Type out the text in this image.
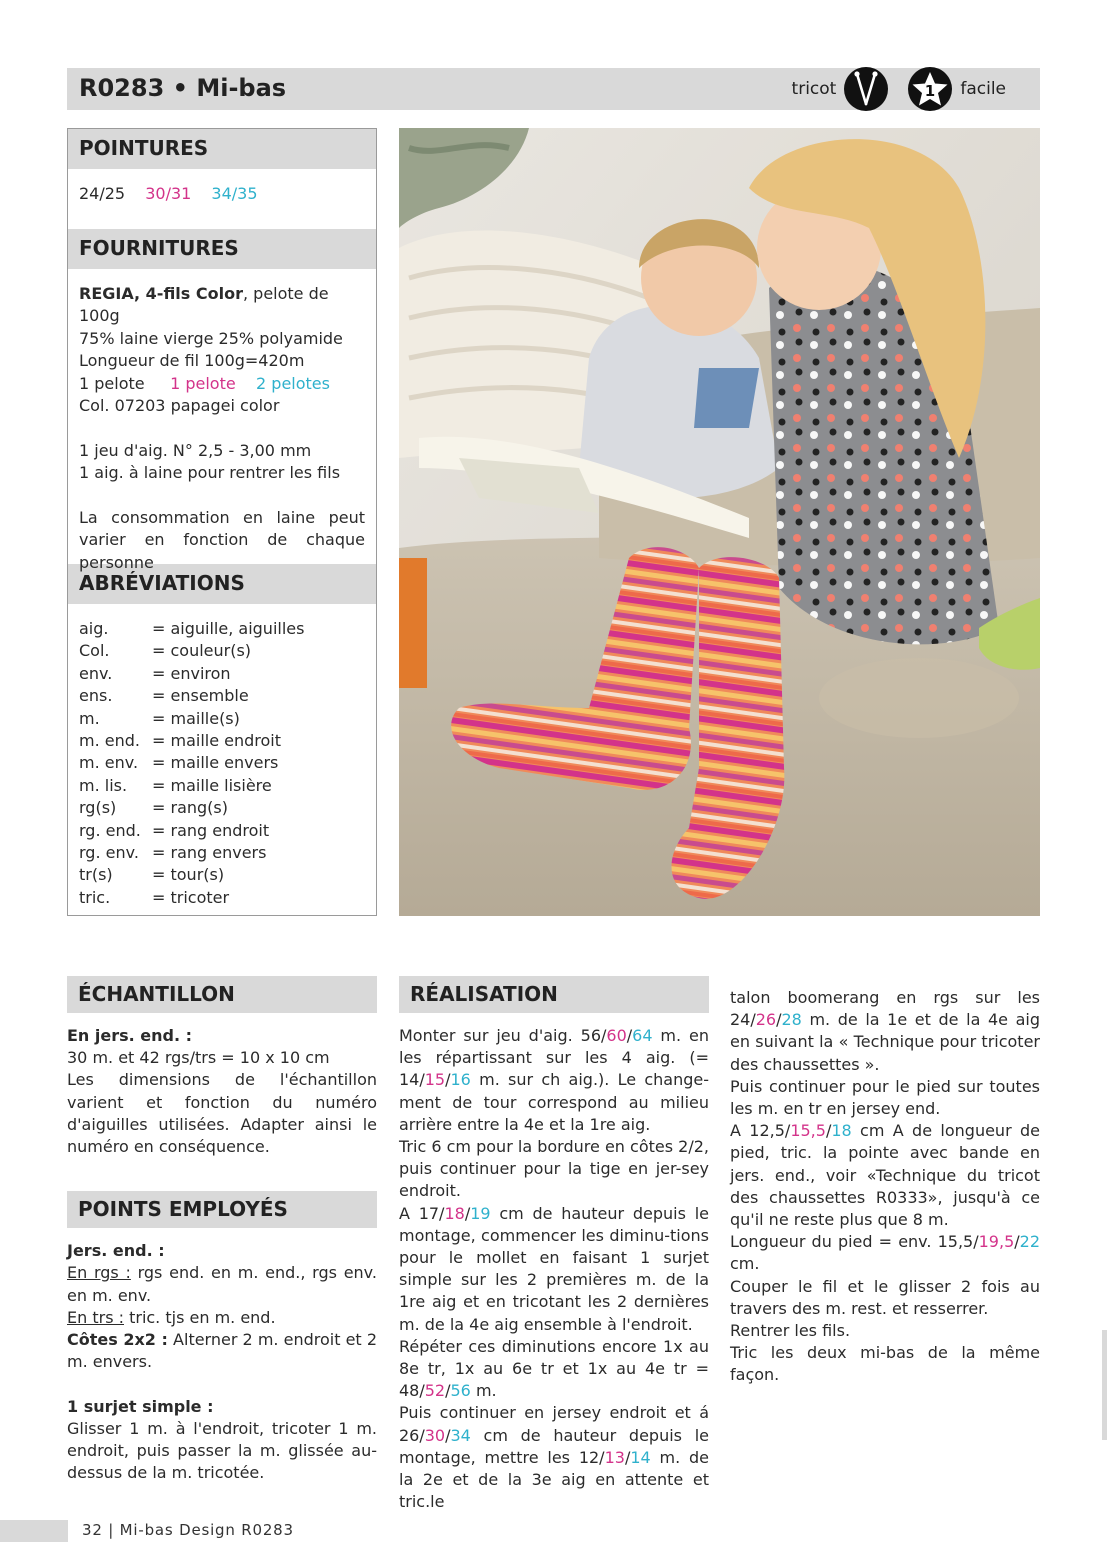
R0283 • Mi-bas	tricot	1 facile
POINTURES
24/25 30/31 34/35
FOURNITURES
REGIA, 4-fils Color, pelote de 100g
75% laine vierge 25% polyamide
Longueur de fil 100g=420m
1 pelote 1 pelote 2 pelotes
Col. 07203 papagei color
1 jeu d'aig. N° 2,5 - 3,00 mm
1 aig. à laine pour rentrer les fils
La consommation en laine peut varier en fonction de chaque personne
ABRÉVIATIONS
aig.	= aiguille, aiguilles
Col.	= couleur(s)
env.	= environ
ens.	= ensemble
m.	= maille(s)
m. end. = maille endroit
m. env. = maille envers
m. lis.	= maille lisière
rg(s)	= rang(s)
rg. end. = rang endroit
rg. env. = rang envers
tr(s)	= tour(s)
tric.	= tricoter
ÉCHANTILLON
En jers. end. :
30 m. et 42 rgs/trs = 10 x 10 cm
Les dimensions de l'échantillon varient et fonction du numéro d'aiguilles utilisées. Adapter ainsi le numéro en conséquence.
POINTS EMPLOYÉS
Jers. end. :
En rgs : rgs end. en m. end., rgs env. en m. env.
En trs : tric. tjs en m. end.
Côtes 2x2 : Alterner 2 m. endroit et 2 m. envers.
1 surjet simple :
Glisser 1 m. à l'endroit, tricoter 1 m. endroit, puis passer la m. glissée au-dessus de la m. tricotée.
RÉALISATION
Monter sur jeu d'aig. 56/60/64 m. en les répartissant sur les 4 aig. (= 14/15/16 m. sur ch aig.). Le change-ment de tour correspond au milieu arrière entre la 4e et la 1re aig.
Tric 6 cm pour la bordure en côtes 2/2, puis continuer pour la tige en jer-sey endroit.
A 17/18/19 cm de hauteur depuis le montage, commencer les diminu-tions pour le mollet en faisant 1 surjet simple sur les 2 premières m. de la 1re aig et en tricotant les 2 dernières m. de la 4e aig ensemble à l'endroit.
Répéter ces diminutions encore 1x au 8e tr, 1x au 6e tr et 1x au 4e tr = 48/52/56 m.
Puis continuer en jersey endroit et á 26/30/34 cm de hauteur depuis le montage, mettre les 12/13/14 m. de la 2e et de la 3e aig en attente et tric.le
talon boomerang en rgs sur les 24/26/28 m. de la 1e et de la 4e aig en suivant la « Technique pour tricoter des chaussettes ».
Puis continuer pour le pied sur toutes les m. en tr en jersey end.
A 12,5/15,5/18 cm A de longueur de pied, tric. la pointe avec bande en jers. end., voir «Technique du tricot des chaussettes R0333», jusqu'à ce qu'il ne reste plus que 8 m.
Longueur du pied = env. 15,5/19,5/22 cm.
Couper le fil et le glisser 2 fois au travers des m. rest. et resserrer.
Rentrer les fils.
Tric les deux mi-bas de la même façon.
32 | Mi-bas Design R0283
